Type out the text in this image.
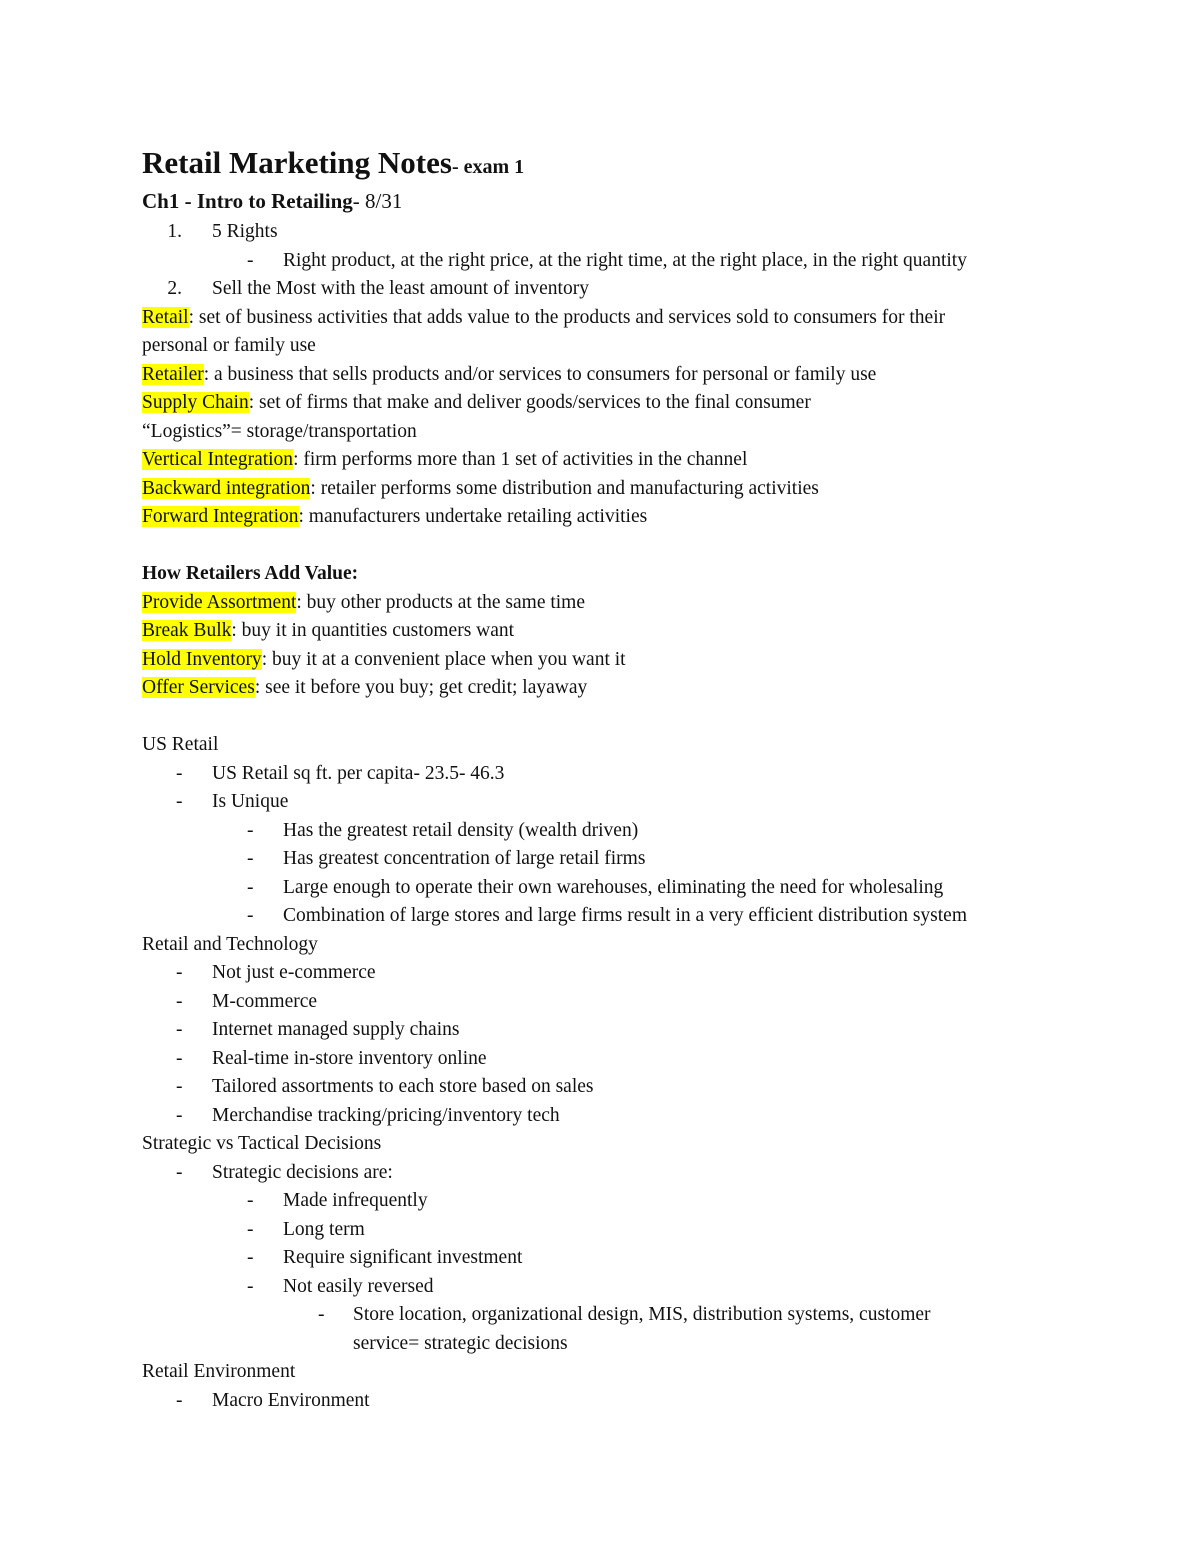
Retail Marketing Notes- exam 1
Ch1 - Intro to Retailing- 8/31
1. 5 Rights
- Right product, at the right price, at the right time, at the right place, in the right quantity
2. Sell the Most with the least amount of inventory
Retail: set of business activities that adds value to the products and services sold to consumers for their
personal or family use
Retailer: a business that sells products and/or services to consumers for personal or family use
Supply Chain: set of firms that make and deliver goods/services to the final consumer
“Logistics”= storage/transportation
Vertical Integration: firm performs more than 1 set of activities in the channel
Backward integration: retailer performs some distribution and manufacturing activities
Forward Integration: manufacturers undertake retailing activities
How Retailers Add Value:
Provide Assortment: buy other products at the same time
Break Bulk: buy it in quantities customers want
Hold Inventory: buy it at a convenient place when you want it
Offer Services: see it before you buy; get credit; layaway
US Retail
- US Retail sq ft. per capita- 23.5- 46.3
- Is Unique
- Has the greatest retail density (wealth driven)
- Has greatest concentration of large retail firms
- Large enough to operate their own warehouses, eliminating the need for wholesaling
- Combination of large stores and large firms result in a very efficient distribution system
Retail and Technology
- Not just e-commerce
- M-commerce
- Internet managed supply chains
- Real-time in-store inventory online
- Tailored assortments to each store based on sales
- Merchandise tracking/pricing/inventory tech
Strategic vs Tactical Decisions
- Strategic decisions are:
- Made infrequently
- Long term
- Require significant investment
- Not easily reversed
- Store location, organizational design, MIS, distribution systems, customer
service= strategic decisions
Retail Environment
- Macro Environment
